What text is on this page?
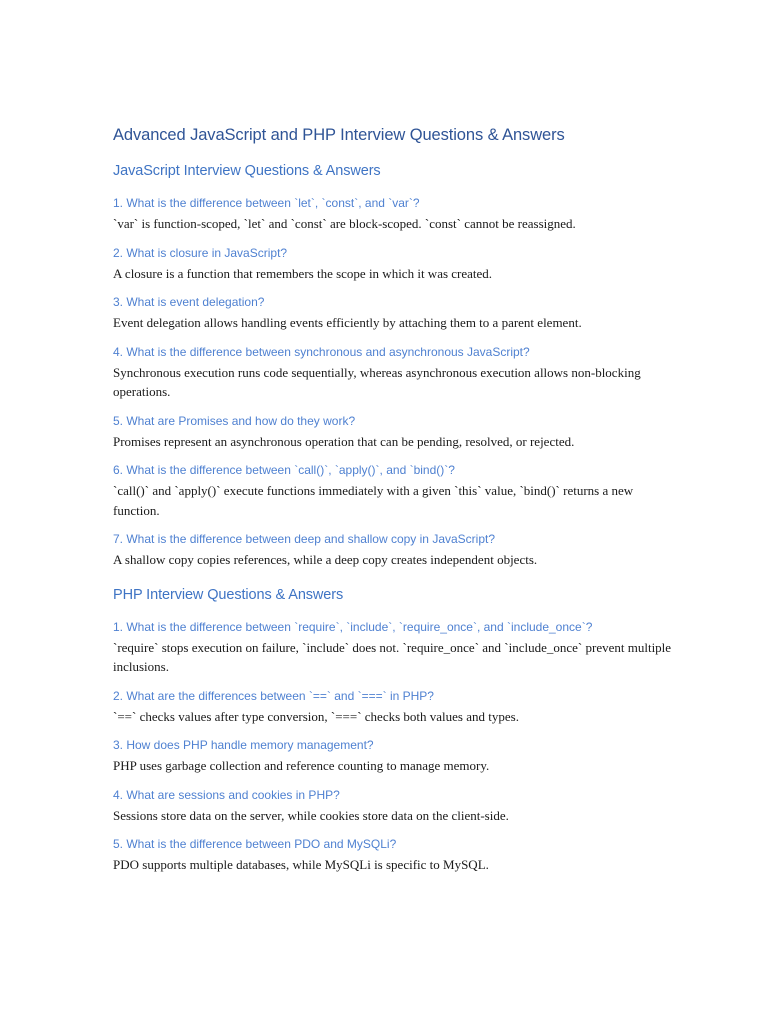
Advanced JavaScript and PHP Interview Questions & Answers
JavaScript Interview Questions & Answers
1. What is the difference between `let`, `const`, and `var`?

`var` is function-scoped, `let` and `const` are block-scoped. `const` cannot be reassigned.

2. What is closure in JavaScript?

A closure is a function that remembers the scope in which it was created.

3. What is event delegation?

Event delegation allows handling events efficiently by attaching them to a parent element.

4. What is the difference between synchronous and asynchronous JavaScript?

Synchronous execution runs code sequentially, whereas asynchronous execution allows non-blocking operations.

5. What are Promises and how do they work?

Promises represent an asynchronous operation that can be pending, resolved, or rejected.

6. What is the difference between `call()`, `apply()`, and `bind()`?

`call()` and `apply()` execute functions immediately with a given `this` value, `bind()` returns a new function.

7. What is the difference between deep and shallow copy in JavaScript?

A shallow copy copies references, while a deep copy creates independent objects.

PHP Interview Questions & Answers
1. What is the difference between `require`, `include`, `require_once`, and `include_once`?

`require` stops execution on failure, `include` does not. `require_once` and `include_once` prevent multiple inclusions.

2. What are the differences between `==` and `===` in PHP?

`==` checks values after type conversion, `===` checks both values and types.

3. How does PHP handle memory management?

PHP uses garbage collection and reference counting to manage memory.

4. What are sessions and cookies in PHP?

Sessions store data on the server, while cookies store data on the client-side.

5. What is the difference between PDO and MySQLi?

PDO supports multiple databases, while MySQLi is specific to MySQL.
